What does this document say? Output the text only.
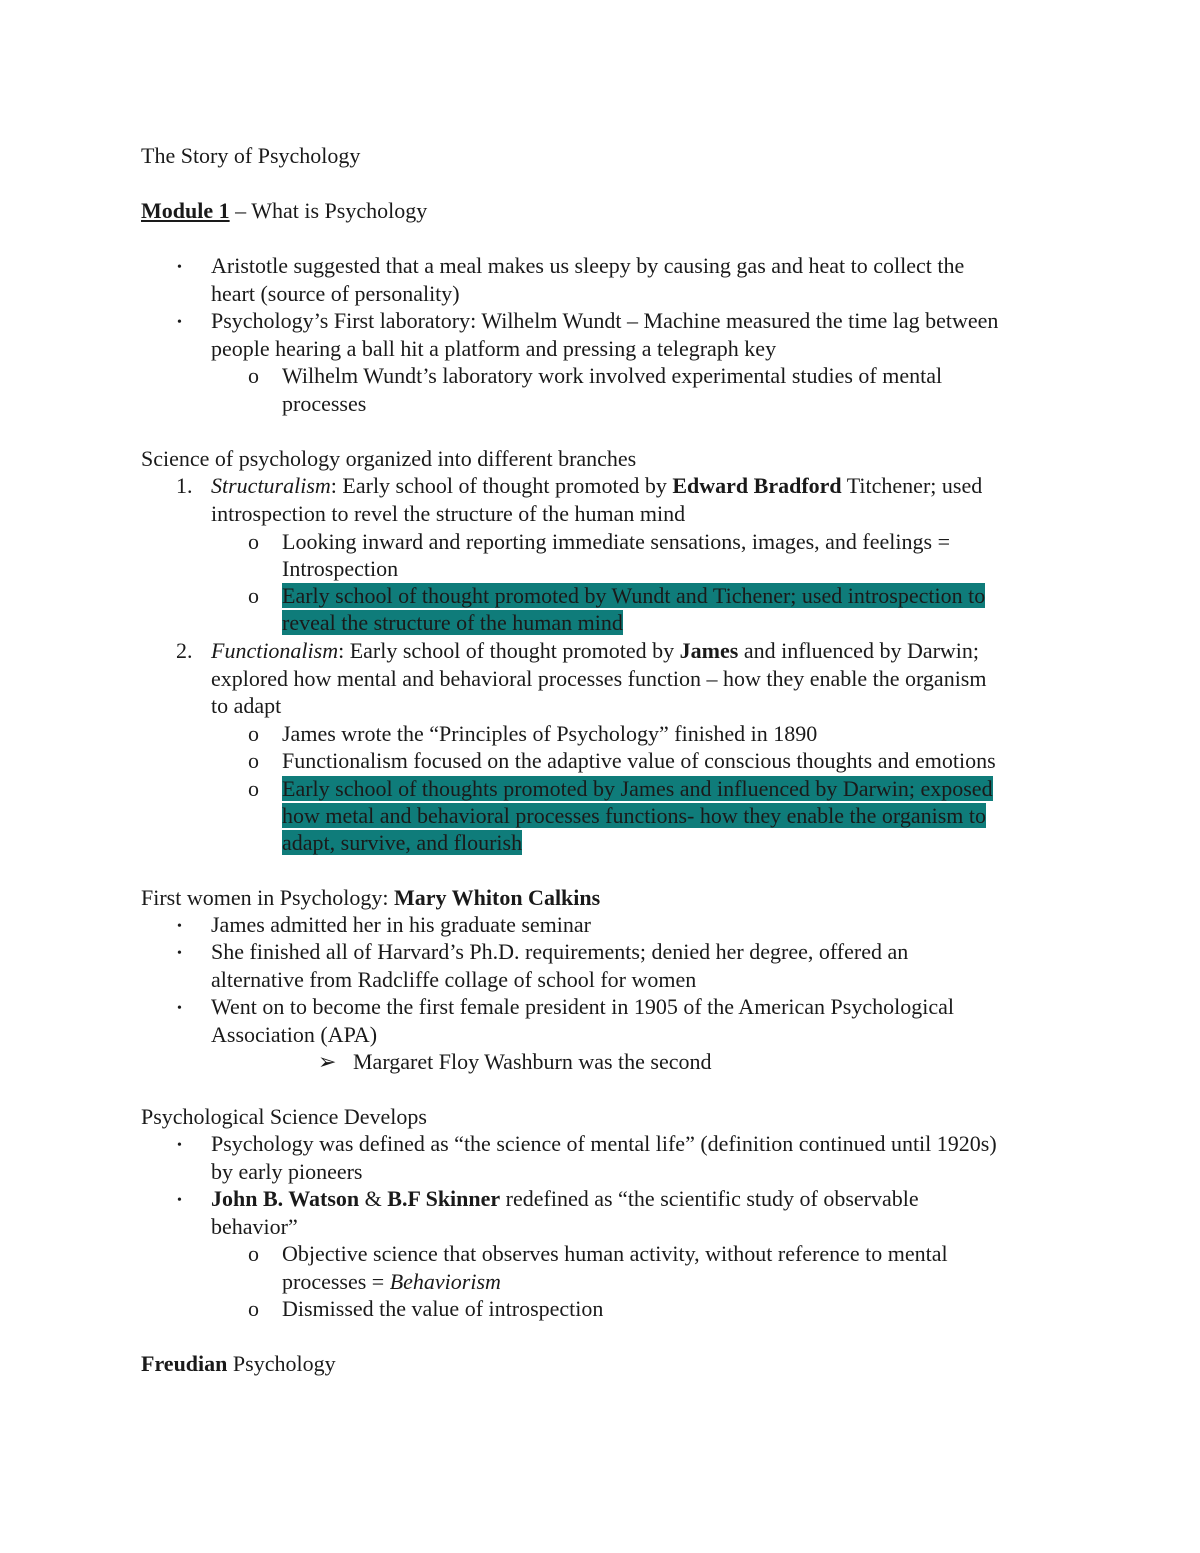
The Story of Psychology
Module 1 – What is Psychology
• Aristotle suggested that a meal makes us sleepy by causing gas and heat to collect the
heart (source of personality)
• Psychology’s First laboratory: Wilhelm Wundt – Machine measured the time lag between
people hearing a ball hit a platform and pressing a telegraph key
o Wilhelm Wundt’s laboratory work involved experimental studies of mental
processes
Science of psychology organized into different branches
1. Structuralism: Early school of thought promoted by Edward Bradford Titchener; used
introspection to revel the structure of the human mind
o Looking inward and reporting immediate sensations, images, and feelings =
Introspection
o Early school of thought promoted by Wundt and Tichener; used introspection to
reveal the structure of the human mind
2. Functionalism: Early school of thought promoted by James and influenced by Darwin;
explored how mental and behavioral processes function – how they enable the organism
to adapt
o James wrote the “Principles of Psychology” finished in 1890
o Functionalism focused on the adaptive value of conscious thoughts and emotions
o Early school of thoughts promoted by James and influenced by Darwin; exposed
how metal and behavioral processes functions- how they enable the organism to
adapt, survive, and flourish
First women in Psychology: Mary Whiton Calkins
• James admitted her in his graduate seminar
• She finished all of Harvard’s Ph.D. requirements; denied her degree, offered an
alternative from Radcliffe collage of school for women
• Went on to become the first female president in 1905 of the American Psychological
Association (APA)
➢ Margaret Floy Washburn was the second
Psychological Science Develops
• Psychology was defined as “the science of mental life” (definition continued until 1920s)
by early pioneers
• John B. Watson & B.F Skinner redefined as “the scientific study of observable
behavior”
o Objective science that observes human activity, without reference to mental
processes = Behaviorism
o Dismissed the value of introspection
Freudian Psychology
